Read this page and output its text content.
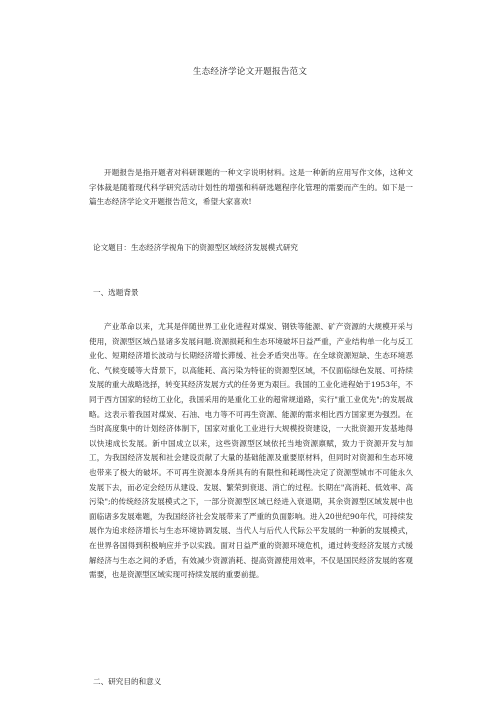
生态经济学论文开题报告范文

开题报告是指开题者对科研课题的一种文字说明材料。这是一种新的应用写作文体，这种文字体裁是随着现代科学研究活动计划性的增强和科研选题程序化管理的需要而产生的。如下是一篇生态经济学论文开题报告范文，希望大家喜欢!

论文题目：生态经济学视角下的资源型区域经济发展模式研究

一、选题背景

产业革命以来，尤其是伴随世界工业化进程对煤炭、钢铁等能源、矿产资源的大规模开采与使用，资源型区域凸显诸多发展问题.资源损耗和生态环境破坏日益严重，产业结构单一化与反工业化、短期经济增长波动与长期经济增长滞缓、社会矛盾突出等。在全球资源短缺、生态环境恶化、气候变暖等大背景下，以高能耗、高污染为特征的资源型区域，不仅面临绿色发展、可持续发展的重大战略选择，转变其经济发展方式的任务更为艰巨。我国的工业化进程始于1953年，不同于西方国家的轻纺工业化，我国采用的是重化工业的超常规道路，实行"重工业优先";的发展战略。这表示着我国对煤炭、石油、电力等不可再生资源、能源的需求相比西方国家更为强烈。在当时高度集中的计划经济体制下，国家对重化工业进行大规模投资建设，一大批资源开发基地得以快速成长发展。新中国成立以来，这些资源型区域依托当地资源禀赋，致力于资源开发与加工，为我国经济发展和社会建设贡献了大量的基础能源及重要原材料，但同时对资源和生态环境也带来了极大的破坏。不可再生资源本身所具有的有限性和耗竭性决定了资源型城市不可能永久发展下去，而必定会经历从建设、发展、繁荣到衰退、消亡的过程。长期在"高消耗、低效率、高污染";的传统经济发展模式之下，一部分资源型区域已经进入衰退期，其余资源型区域发展中也面临诸多发展难题，为我国经济社会发展带来了严重的负面影响。进入20世纪90年代，可持续发展作为追求经济增长与生态环境协调发展、当代人与后代人代际公平发展的一种新的发展模式，在世界各国得到积极响应并予以实践。面对日益严重的资源环境危机，通过转变经济发展方式缓解经济与生态之间的矛盾，有效减少资源消耗、提高资源使用效率，不仅是国民经济发展的客观需要，也是资源型区域实现可持续发展的重要前提。

二、研究目的和意义
